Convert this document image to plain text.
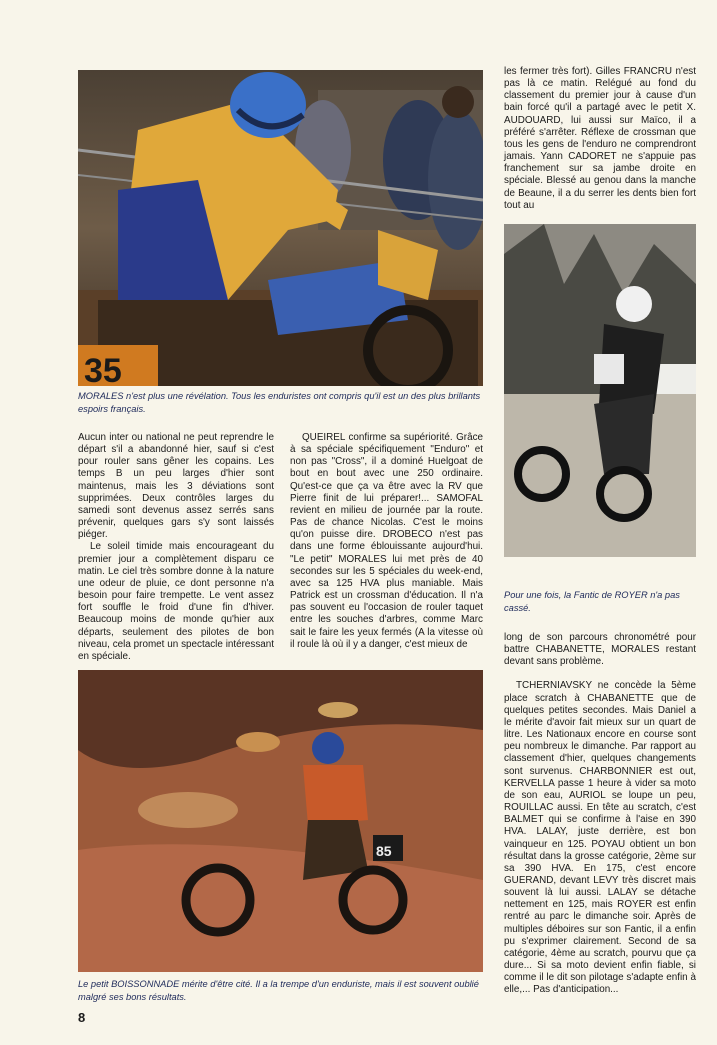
35

MORALES n'est plus une révélation. Tous les enduristes ont compris qu'il est un des plus brillants espoirs français.

Pour une fois, la Fantic de ROYER n'a pas cassé.

85

Le petit BOISSONNADE mérite d'être cité. Il a la trempe d'un enduriste, mais il est souvent oublié malgré ses bons résultats.

Aucun inter ou national ne peut reprendre le départ s'il a abandonné hier, sauf si c'est pour rouler sans gêner les copains. Les temps B un peu larges d'hier sont maintenus, mais les 3 déviations sont supprimées. Deux contrôles larges du samedi sont devenus assez serrés sans prévenir, quelques gars s'y sont laissés piéger.

Le soleil timide mais encourageant du premier jour a complètement disparu ce matin. Le ciel très sombre donne à la nature une odeur de pluie, ce dont personne n'a besoin pour faire trempette. Le vent assez fort souffle le froid d'une fin d'hiver. Beaucoup moins de monde qu'hier aux départs, seulement des pilotes de bon niveau, cela promet un spectacle intéressant en spéciale.

QUEIREL confirme sa supériorité. Grâce à sa spéciale spécifiquement "Enduro" et non pas "Cross", il a dominé Huelgoat de bout en bout avec une 250 ordinaire. Qu'est-ce que ça va être avec la RV que Pierre finit de lui préparer!... SAMOFAL revient en milieu de journée par la route. Pas de chance Nicolas. C'est le moins qu'on puisse dire. DROBECO n'est pas dans une forme éblouissante aujourd'hui. "Le petit" MORALES lui met près de 40 secondes sur les 5 spéciales du week-end, avec sa 125 HVA plus maniable. Mais Patrick est un crossman d'éducation. Il n'a pas souvent eu l'occasion de rouler taquet entre les souches d'arbres, comme Marc sait le faire les yeux fermés (A la vitesse où il roule là où il y a danger, c'est mieux de

les fermer très fort). Gilles FRANCRU n'est pas là ce matin. Relégué au fond du classement du premier jour à cause d'un bain forcé qu'il a partagé avec le petit X. AUDOUARD, lui aussi sur Maïco, il a préféré s'arrêter. Réflexe de crossman que tous les gens de l'enduro ne comprendront jamais. Yann CADORET ne s'appuie pas franchement sur sa jambe droite en spéciale. Blessé au genou dans la manche de Beaune, il a du serrer les dents bien fort tout au

long de son parcours chronométré pour battre CHABANETTE, MORALES restant devant sans problème.

TCHERNIAVSKY ne concède la 5ème place scratch à CHABANETTE que de quelques petites secondes. Mais Daniel a le mérite d'avoir fait mieux sur un quart de litre. Les Nationaux encore en course sont peu nombreux le dimanche. Par rapport au classement d'hier, quelques changements sont survenus. CHARBONNIER est out, KERVELLA passe 1 heure à vider sa moto de son eau, AURIOL se loupe un peu, ROUILLAC aussi. En tête au scratch, c'est BALMET qui se confirme à l'aise en 390 HVA. LALAY, juste derrière, est bon vainqueur en 125. POYAU obtient un bon résultat dans la grosse catégorie, 2ème sur sa 390 HVA. En 175, c'est encore GUERAND, devant LEVY très discret mais souvent là lui aussi. LALAY se détache nettement en 125, mais ROYER est enfin rentré au parc le dimanche soir. Après de multiples déboires sur son Fantic, il a enfin pu s'exprimer clairement. Second de sa catégorie, 4ème au scratch, pourvu que ça dure... Si sa moto devient enfin fiable, si comme il le dit son pilotage s'adapte enfin à elle,... Pas d'anticipation...

8
